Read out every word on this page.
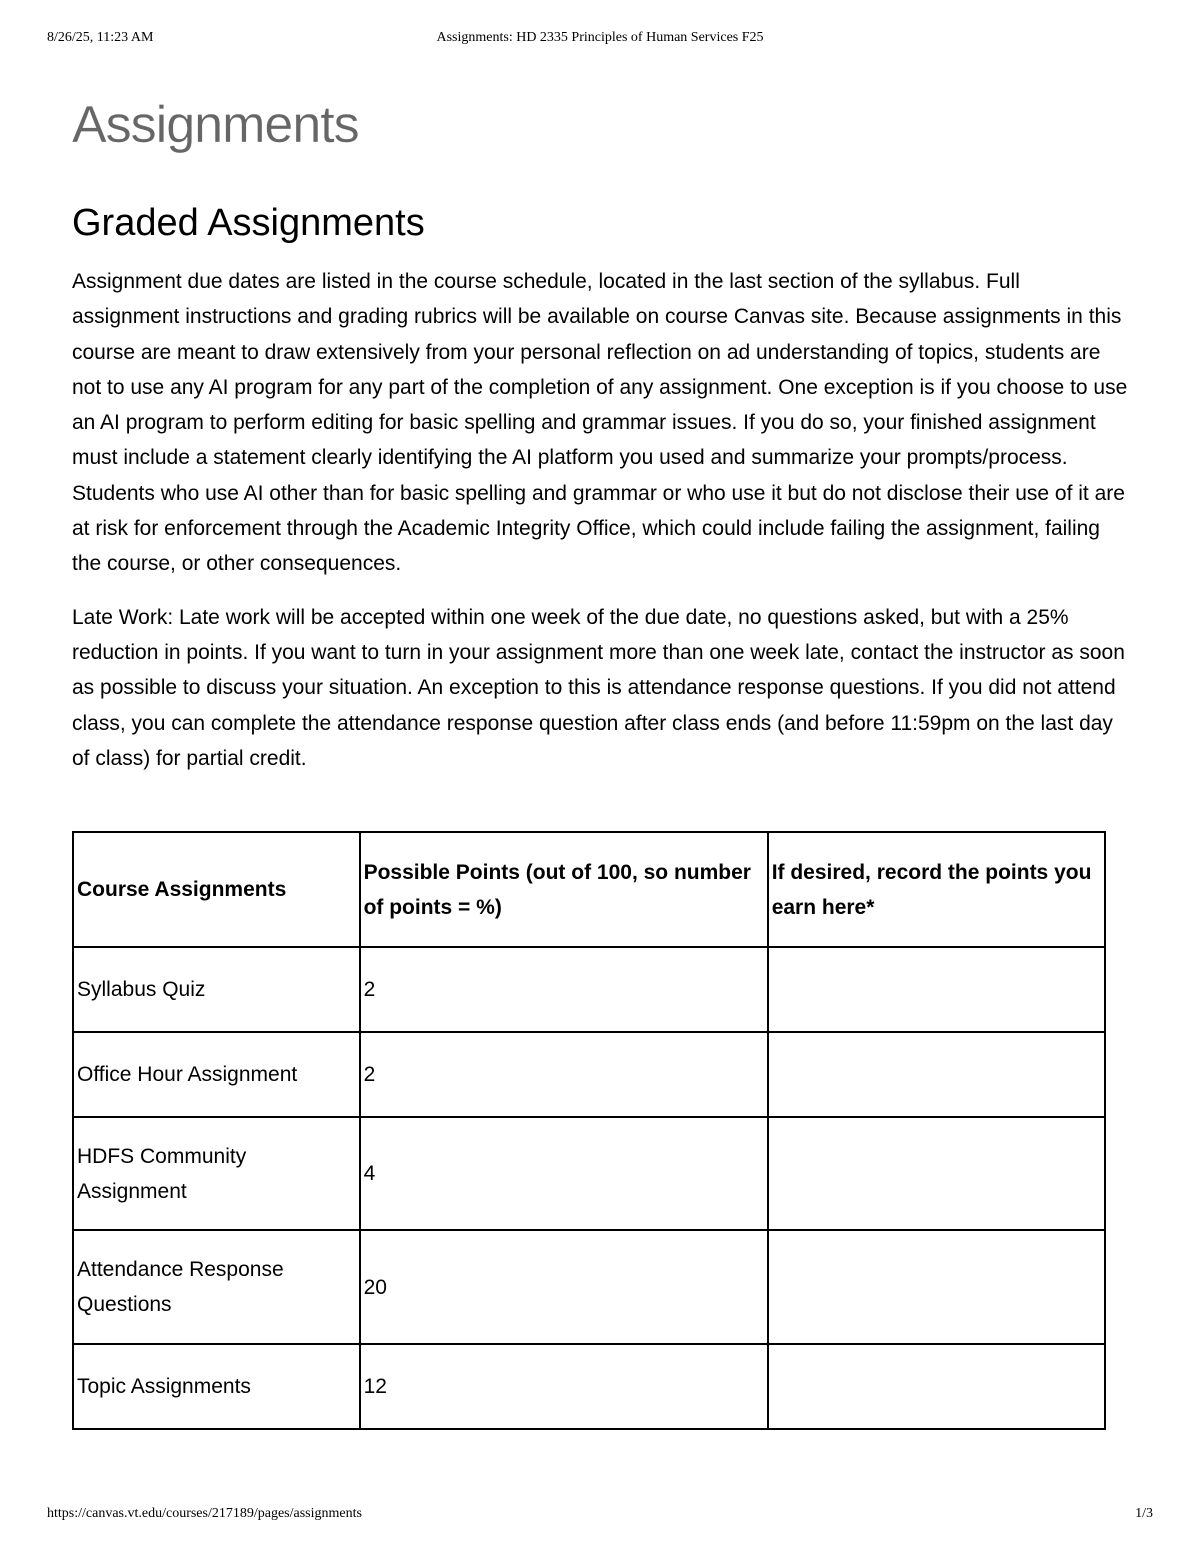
8/26/25, 11:23 AM	Assignments: HD 2335 Principles of Human Services F25
Assignments
Graded Assignments

Assignment due dates are listed in the course schedule, located in the last section of the syllabus. Full assignment instructions and grading rubrics will be available on course Canvas site. Because assignments in this course are meant to draw extensively from your personal reflection on ad understanding of topics, students are not to use any AI program for any part of the completion of any assignment. One exception is if you choose to use an AI program to perform editing for basic spelling and grammar issues. If you do so, your finished assignment must include a statement clearly identifying the AI platform you used and summarize your prompts/process. Students who use AI other than for basic spelling and grammar or who use it but do not disclose their use of it are at risk for enforcement through the Academic Integrity Office, which could include failing the assignment, failing the course, or other consequences.

Late Work: Late work will be accepted within one week of the due date, no questions asked, but with a 25% reduction in points. If you want to turn in your assignment more than one week late, contact the instructor as soon as possible to discuss your situation. An exception to this is attendance response questions. If you did not attend class, you can complete the attendance response question after class ends (and before 11:59pm on the last day of class) for partial credit.

Course Assignments	Possible Points (out of 100, so number of points = %)	If desired, record the points you earn here*
Syllabus Quiz	2	
Office Hour Assignment	2	
HDFS Community Assignment	4	
Attendance Response Questions	20	
Topic Assignments	12	
https://canvas.vt.edu/courses/217189/pages/assignments	1/3
